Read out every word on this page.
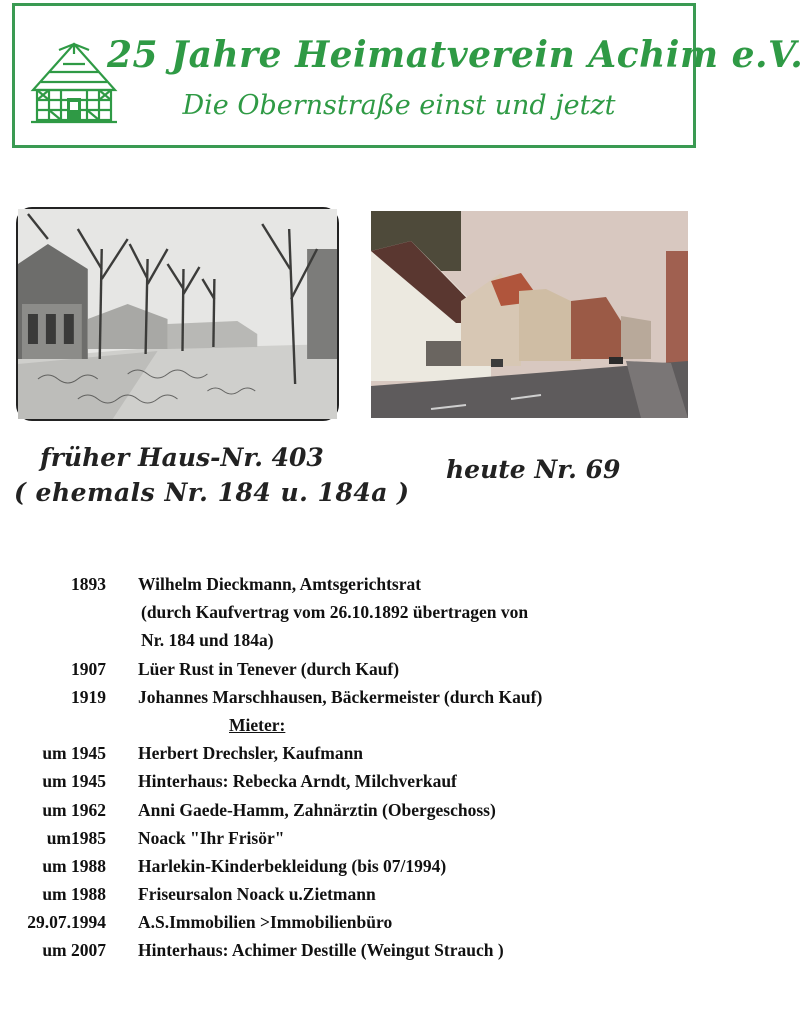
25 Jahre Heimatverein Achim e.V.
Die Obernstraße einst und jetzt
früher Haus-Nr. 403
( ehemals Nr. 184 u. 184a )
heute Nr. 69
1893 Wilhelm Dieckmann, Amtsgerichtsrat
(durch Kaufvertrag vom 26.10.1892 übertragen von
Nr. 184 und 184a)
1907 Lüer Rust in Tenever (durch Kauf)
1919 Johannes Marschhausen, Bäckermeister (durch Kauf)
Mieter:
um 1945 Herbert Drechsler, Kaufmann
um 1945 Hinterhaus: Rebecka Arndt, Milchverkauf
um 1962 Anni Gaede-Hamm, Zahnärztin (Obergeschoss)
um1985 Noack "Ihr Frisör"
um 1988 Harlekin-Kinderbekleidung (bis 07/1994)
um 1988 Friseursalon Noack u.Zietmann
29.07.1994 A.S.Immobilien >Immobilienbüro
um 2007 Hinterhaus: Achimer Destille (Weingut Strauch )
